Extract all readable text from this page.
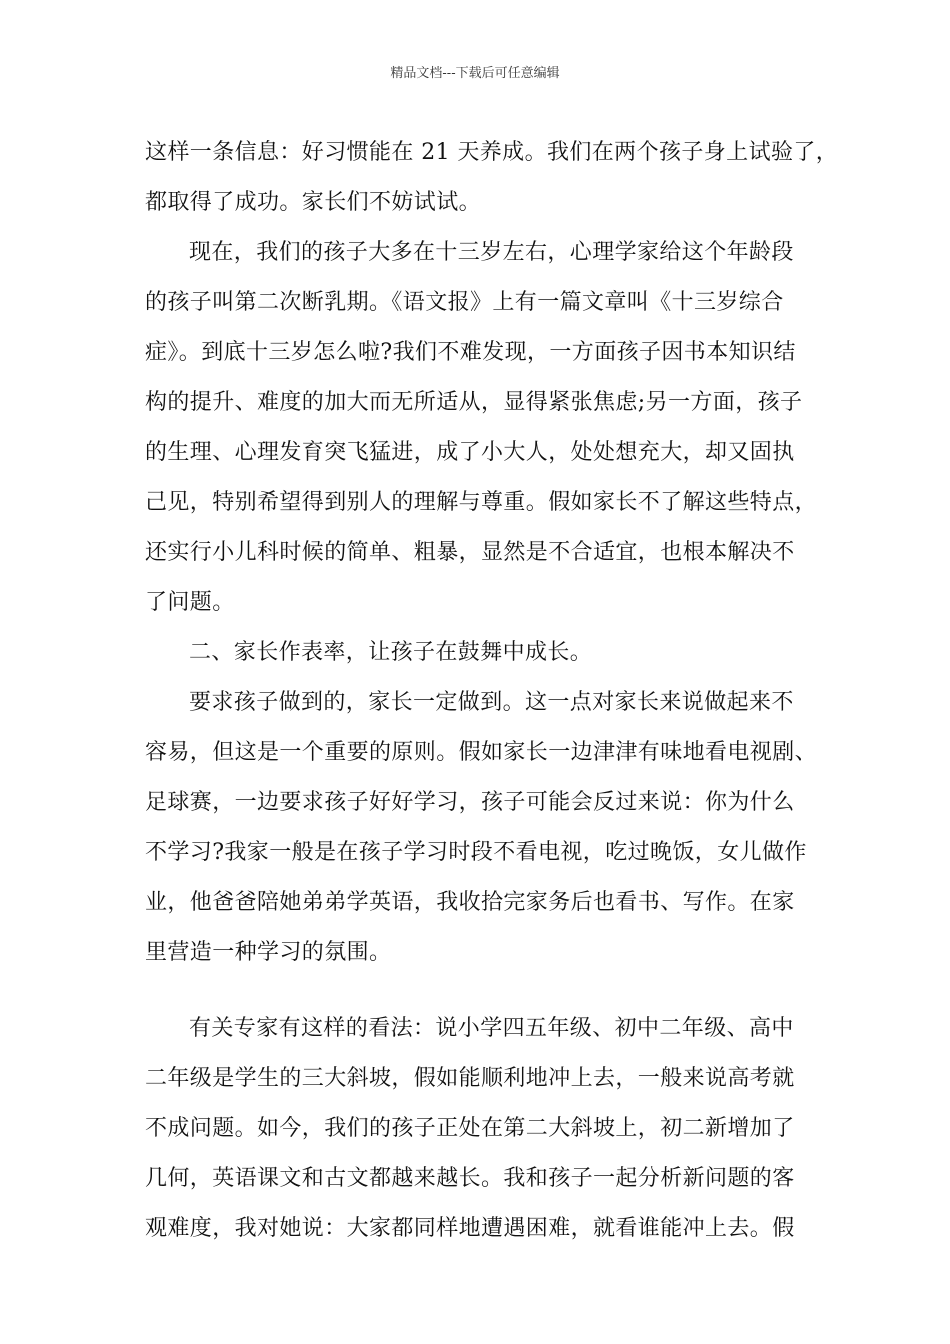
精品文档---下载后可任意编辑
这样一条信息：好习惯能在 21 天养成。我们在两个孩子身上试验了，
都取得了成功。家长们不妨试试。
现在，我们的孩子大多在十三岁左右，心理学家给这个年龄段
的孩子叫第二次断乳期。《语文报》上有一篇文章叫《十三岁综合
症》。到底十三岁怎么啦?我们不难发现，一方面孩子因书本知识结
构的提升、难度的加大而无所适从，显得紧张焦虑;另一方面，孩子
的生理、心理发育突飞猛进，成了小大人，处处想充大，却又固执
己见，特别希望得到别人的理解与尊重。假如家长不了解这些特点，
还实行小儿科时候的简单、粗暴，显然是不合适宜，也根本解决不
了问题。
二、家长作表率，让孩子在鼓舞中成长。
要求孩子做到的，家长一定做到。这一点对家长来说做起来不
容易，但这是一个重要的原则。假如家长一边津津有味地看电视剧、
足球赛，一边要求孩子好好学习，孩子可能会反过来说：你为什么
不学习?我家一般是在孩子学习时段不看电视，吃过晚饭，女儿做作
业，他爸爸陪她弟弟学英语，我收拾完家务后也看书、写作。在家
里营造一种学习的氛围。
有关专家有这样的看法：说小学四五年级、初中二年级、高中
二年级是学生的三大斜坡，假如能顺利地冲上去，一般来说高考就
不成问题。如今，我们的孩子正处在第二大斜坡上，初二新增加了
几何，英语课文和古文都越来越长。我和孩子一起分析新问题的客
观难度，我对她说：大家都同样地遭遇困难，就看谁能冲上去。假
